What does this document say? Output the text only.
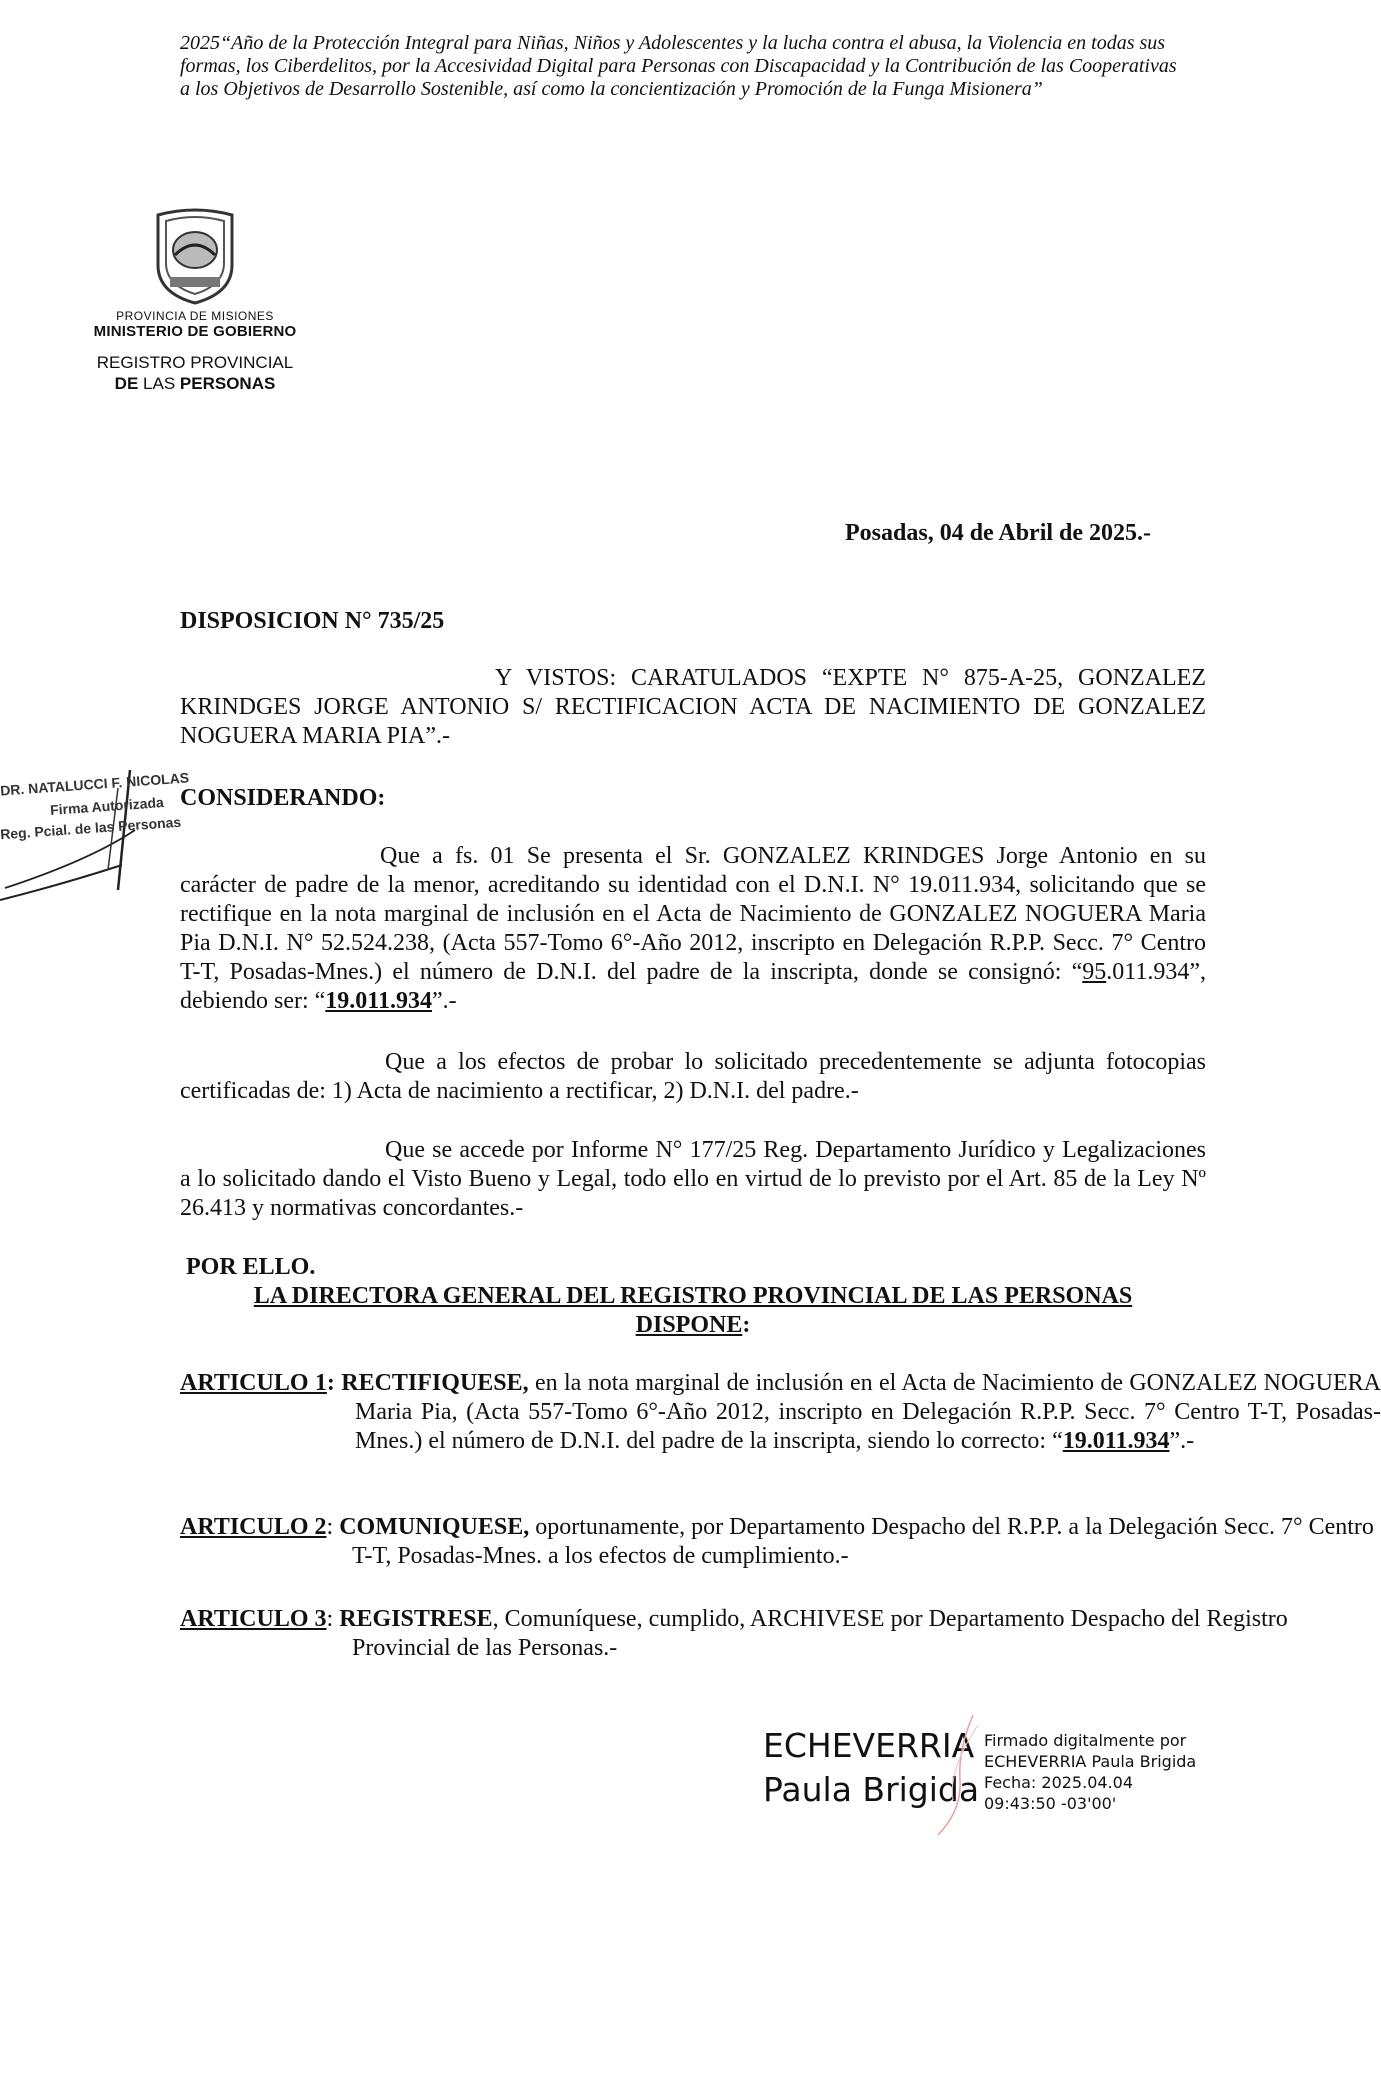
2025“Año de la Protección Integral para Niñas, Niños y Adolescentes y la lucha contra el abusa, la Violencia en todas sus formas, los Ciberdelitos, por la Accesividad Digital para Personas con Discapacidad y la Contribución de las Cooperativas a los Objetivos de Desarrollo Sostenible, así como la concientización y Promoción de la Funga Misionera”
PROVINCIA DE MISIONES
MINISTERIO DE GOBIERNO
REGISTRO PROVINCIAL
DE LAS PERSONAS
Posadas, 04 de Abril de 2025.-
DISPOSICION N° 735/25
Y VISTOS: CARATULADOS “EXPTE N° 875-A-25, GONZALEZ KRINDGES JORGE ANTONIO S/ RECTIFICACION ACTA DE NACIMIENTO DE GONZALEZ NOGUERA MARIA PIA”.-
CONSIDERANDO:
Que a fs. 01 Se presenta el Sr. GONZALEZ KRINDGES Jorge Antonio en su carácter de padre de la menor, acreditando su identidad con el D.N.I. N° 19.011.934, solicitando que se rectifique en la nota marginal de inclusión en el Acta de Nacimiento de GONZALEZ NOGUERA Maria Pia D.N.I. N° 52.524.238, (Acta 557-Tomo 6°-Año 2012, inscripto en Delegación R.P.P. Secc. 7° Centro T-T, Posadas-Mnes.) el número de D.N.I. del padre de la inscripta, donde se consignó: “95.011.934”, debiendo ser: “19.011.934”.-
Que a los efectos de probar lo solicitado precedentemente se adjunta fotocopias certificadas de: 1) Acta de nacimiento a rectificar, 2) D.N.I. del padre.-
Que se accede por Informe N° 177/25 Reg. Departamento Jurídico y Legalizaciones a lo solicitado dando el Visto Bueno y Legal, todo ello en virtud de lo previsto por el Art. 85 de la Ley Nº 26.413 y normativas concordantes.-
POR ELLO.
LA DIRECTORA GENERAL DEL REGISTRO PROVINCIAL DE LAS PERSONAS
DISPONE:
ARTICULO 1: RECTIFIQUESE, en la nota marginal de inclusión en el Acta de Nacimiento de GONZALEZ NOGUERA Maria Pia, (Acta 557-Tomo 6°-Año 2012, inscripto en Delegación R.P.P. Secc. 7° Centro T-T, Posadas-Mnes.) el número de D.N.I. del padre de la inscripta, siendo lo correcto: “19.011.934”.-
ARTICULO 2: COMUNIQUESE, oportunamente, por Departamento Despacho del R.P.P. a la Delegación Secc. 7° Centro T-T, Posadas-Mnes. a los efectos de cumplimiento.-
ARTICULO 3: REGISTRESE, Comuníquese, cumplido, ARCHIVESE por Departamento Despacho del Registro Provincial de las Personas.-
DR. NATALUCCI F. NICOLAS
Firma Autorizada
Reg. Pcial. de las Personas
ECHEVERRIA
Paula Brigida
Firmado digitalmente por
ECHEVERRIA Paula Brigida
Fecha: 2025.04.04
09:43:50 -03'00'
